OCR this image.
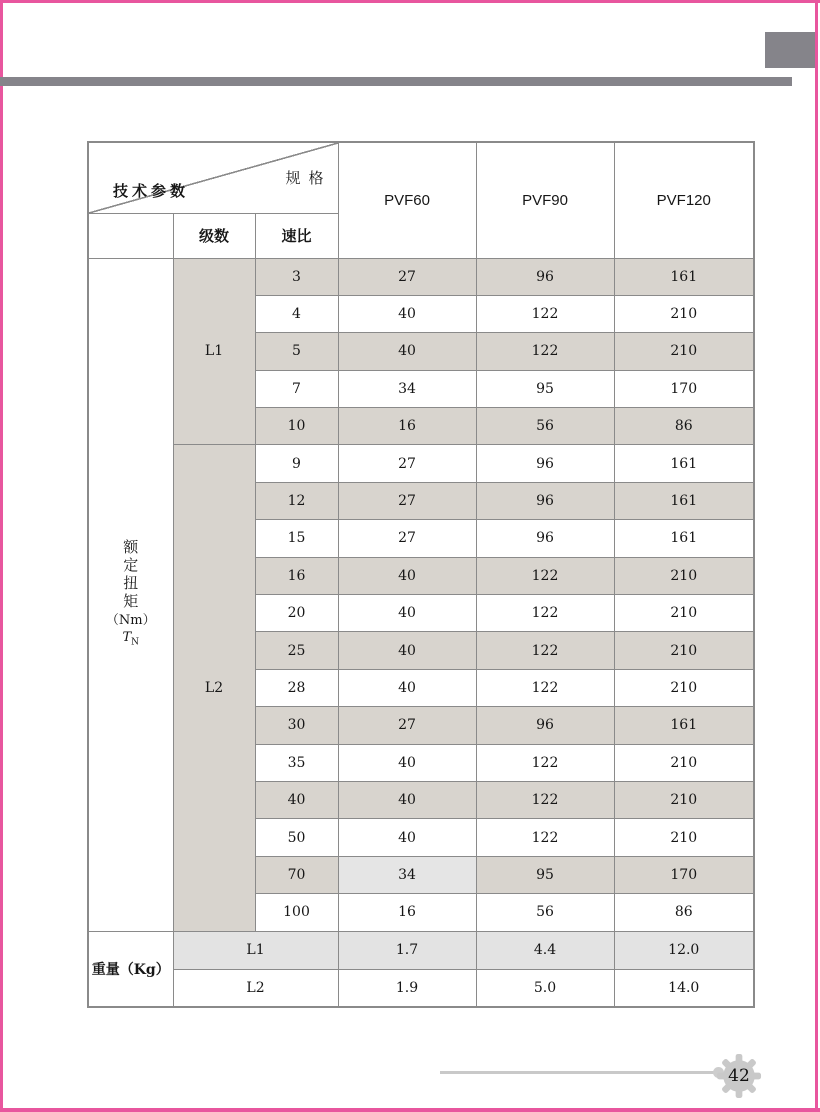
规格
技术参数			PVF60	PVF90	PVF120
	级数	速比			

额
定
扭
矩
（Nm）
$T_N$
	L1	3	27	96	161
		4	40	122	210
		5	40	122	210
		7	34	95	170
		10	16	56	86
	L2	9	27	96	161
		12	27	96	161
		15	27	96	161
		16	40	122	210
		20	40	122	210
		25	40	122	210
		28	40	122	210
		30	27	96	161
		35	40	122	210
		40	40	122	210
		50	40	122	210
		70	34	95	170
		100	16	56	86
重量（Kg）	L1		1.7	4.4	12.0
	L2		1.9	5.0	14.0
42
